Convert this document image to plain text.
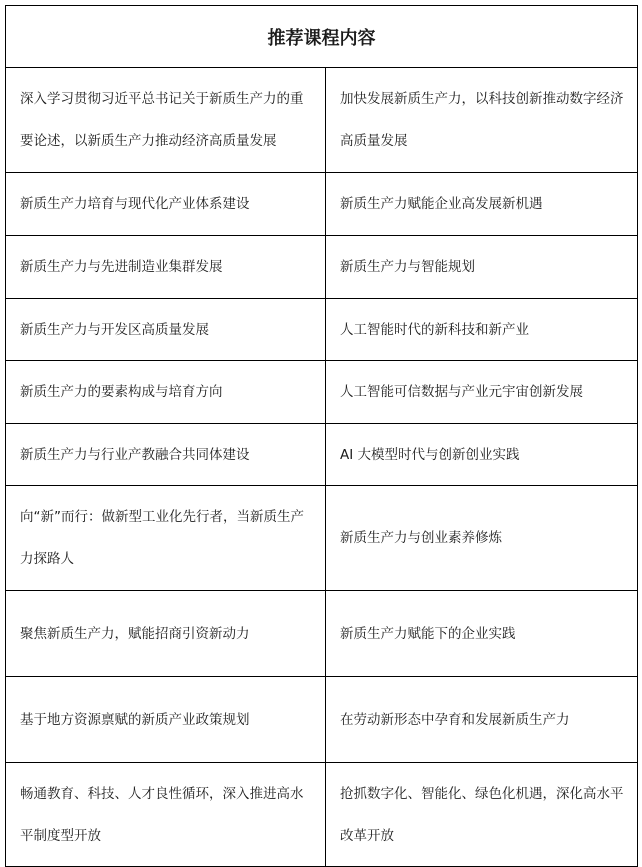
推荐课程内容	
深入学习贯彻习近平总书记关于新质生产力的重要论述，以新质生产力推动经济高质量发展	加快发展新质生产力，以科技创新推动数字经济高质量发展
新质生产力培育与现代化产业体系建设	新质生产力赋能企业高发展新机遇
新质生产力与先进制造业集群发展	新质生产力与智能规划
新质生产力与开发区高质量发展	人工智能时代的新科技和新产业
新质生产力的要素构成与培育方向	人工智能可信数据与产业元宇宙创新发展
新质生产力与行业产教融合共同体建设	AI 大模型时代与创新创业实践
向“新”而行：做新型工业化先行者，当新质生产力探路人	新质生产力与创业素养修炼
聚焦新质生产力，赋能招商引资新动力	新质生产力赋能下的企业实践
基于地方资源禀赋的新质产业政策规划	在劳动新形态中孕育和发展新质生产力
畅通教育、科技、人才良性循环，深入推进高水平制度型开放	抢抓数字化、智能化、绿色化机遇，深化高水平改革开放
